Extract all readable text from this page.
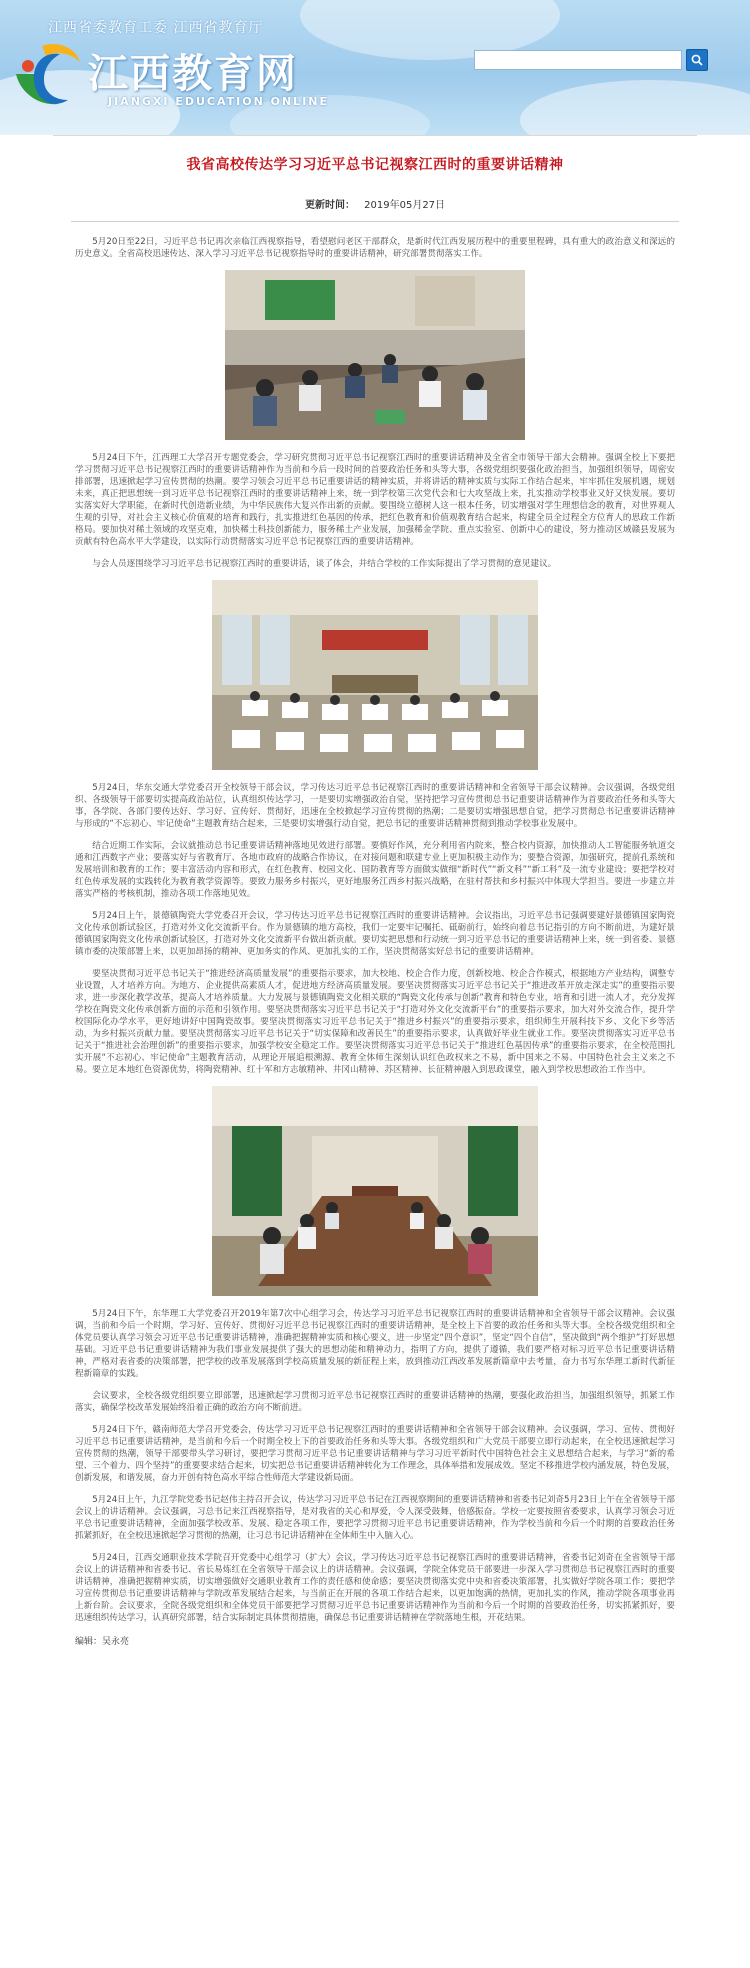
江西省委教育工委 江西省教育厅
江西教育网
JIANGXI EDUCATION ONLINE
我省高校传达学习习近平总书记视察江西时的重要讲话精神
更新时间： 2019年05月27日

5月20日至22日，习近平总书记再次亲临江西视察指导，看望慰问老区干部群众，是新时代江西发展历程中的重要里程碑，具有重大的政治意义和深远的历史意义。全省高校迅速传达、深入学习习近平总书记视察指导时的重要讲话精神，研究部署贯彻落实工作。

5月24日下午，江西理工大学召开专题党委会，学习研究贯彻习近平总书记视察江西时的重要讲话精神及全省全市领导干部大会精神。强调全校上下要把学习贯彻习近平总书记视察江西时的重要讲话精神作为当前和今后一段时间的首要政治任务和头等大事，各级党组织要强化政治担当，加强组织领导，周密安排部署，迅速掀起学习宣传贯彻的热潮。要学习领会习近平总书记重要讲话的精神实质，并将讲话的精神实质与实际工作结合起来，牢牢抓住发展机遇，规划未来，真正把思想统一到习近平总书记视察江西时的重要讲话精神上来，统一到学校第三次党代会和七大攻坚战上来，扎实推动学校事业又好又快发展。要切实落实好大学职能，在新时代创造新业绩，为中华民族伟大复兴作出新的贡献。要围绕立德树人这一根本任务，切实增强对学生理想信念的教育，对世界观人生观的引导，对社会主义核心价值观的培育和践行，扎实推进红色基因的传承，把红色教育和价值观教育结合起来，构建全员全过程全方位育人的思政工作新格局。要加快对稀土领域的攻坚克难，加快稀土科技创新能力，服务稀土产业发展，加强稀金学院、重点实验室、创新中心的建设，努力推动区域赣县发展为贡献有特色高水平大学建设，以实际行动贯彻落实习近平总书记视察江西的重要讲话精神。

与会人员逐围绕学习习近平总书记视察江西时的重要讲话，谈了体会，并结合学校的工作实际提出了学习贯彻的意见建议。

5月24日，华东交通大学党委召开全校领导干部会议，学习传达习近平总书记视察江西时的重要讲话精神和全省领导干部会议精神。会议强调，各级党组织、各级领导干部要切实提高政治站位，认真组织传达学习，一是要切实增强政治自觉，坚持把学习宣传贯彻总书记重要讲话精神作为首要政治任务和头等大事，各学院、各部门要传达好、学习好、宣传好、贯彻好，迅速在全校掀起学习宣传贯彻的热潮；二是要切实增强思想自觉，把学习贯彻总书记重要讲话精神与形成的“不忘初心、牢记使命”主题教育结合起来，三是要切实增强行动自觉，把总书记的重要讲话精神贯彻到推动学校事业发展中。

结合近期工作实际，会议就推动总书记重要讲话精神落地见效进行部署。要慎好作风，充分利用省内院来，整合校内资源，加快推动人工智能服务轨道交通和江西数字产业；要落实好与省教育厅、各地市政府的战略合作协议，在对接问题和联建专业上更加积极主动作为；要整合资源，加强研究，提前孔系统和发展培训和教育的工作；要丰富活动内容和形式，在红色教育、校园文化、国防教育等方面做实做细“新时代”“新文科”“新工科”及一流专业建设；要把学校对红色传承发展的实践转化为教育教学资源等。要致力服务乡村振兴，更好地服务江西乡村振兴战略，在驻村帮扶和乡村振兴中体现大学担当。要进一步建立并落实严格的考核机制，推动各项工作落地见效。

5月24日上午，景德镇陶瓷大学党委召开会议，学习传达习近平总书记视察江西时的重要讲话精神。会议指出，习近平总书记强调要建好景德镇国家陶瓷文化传承创新试验区，打造对外文化交流新平台。作为景德镇的地方高校，我们一定要牢记嘱托、砥砺前行，始终向着总书记指引的方向不断前进，为建好景德镇国家陶瓷文化传承创新试验区，打造对外文化交流新平台做出新贡献。要切实把思想和行动统一到习近平总书记的重要讲话精神上来，统一到省委、景德镇市委的决策部署上来，以更加昂扬的精神、更加务实的作风、更加扎实的工作，坚决贯彻落实好总书记的重要讲话精神。

要坚决贯彻习近平总书记关于“推进经济高质量发展”的重要指示要求，加大校地、校企合作力度，创新校地、校企合作模式，根据地方产业结构，调整专业设置，人才培养方向。为地方、企业提供高素质人才，促进地方经济高质量发展。要坚决贯彻落实习近平总书记关于“推进改革开放走深走实”的重要指示要求，进一步深化教学改革，提高人才培养质量。大力发展与景德镇陶瓷文化相关联的“陶瓷文化传承与创新”教育和特色专业，培育和引进一流人才，充分发挥学校在陶瓷文化传承创新方面的示范和引领作用。要坚决贯彻落实习近平总书记关于“打造对外文化交流新平台”的重要指示要求，加大对外交流合作，提升学校国际化办学水平，更好地讲好中国陶瓷故事。要坚决贯彻落实习近平总书记关于“推进乡村振兴”的重要指示要求，组织师生开展科技下乡、文化下乡等活动，为乡村振兴贡献力量。要坚决贯彻落实习近平总书记关于“切实保障和改善民生”的重要指示要求，认真做好毕业生就业工作。要坚决贯彻落实习近平总书记关于“推进社会治理创新”的重要指示要求，加强学校安全稳定工作。要坚决贯彻落实习近平总书记关于“推进红色基因传承”的重要指示要求，在全校范围扎实开展“不忘初心、牢记使命”主题教育活动，从理论开展追根溯源、教育全体师生深刻认识红色政权来之不易，新中国来之不易、中国特色社会主义来之不易。要立足本地红色资源优势，将陶瓷精神、红十军和方志敏精神、井冈山精神、苏区精神、长征精神融入到思政课堂，融入到学校思想政治工作当中。

5月24日下午，东华理工大学党委召开2019年第7次中心组学习会，传达学习习近平总书记视察江西时的重要讲话精神和全省领导干部会议精神。会议强调，当前和今后一个时期，学习好、宣传好、贯彻好习近平总书记视察江西时的重要讲话精神，是全校上下首要的政治任务和头等大事。全校各级党组织和全体党员要认真学习领会习近平总书记重要讲话精神，准确把握精神实质和核心要义，进一步坚定“四个意识”，坚定“四个自信”，坚决做到“两个维护”打好思想基础。习近平总书记重要讲话精神为我们事业发展提供了强大的思想动能和精神动力，指明了方向，提供了遵循，我们要严格对标习近平总书记重要讲话精神，严格对表省委的决策部署，把学校的改革发展落到学校高质量发展的新征程上来，放到推动江西改革发展新篇章中去考量，奋力书写东华理工新时代新征程新篇章的实践。

会议要求，全校各级党组织要立即部署，迅速掀起学习贯彻习近平总书记视察江西时的重要讲话精神的热潮，要强化政治担当，加强组织领导，抓紧工作落实，确保学校改革发展始终沿着正确的政治方向不断前进。

5月24日下午，赣南师范大学召开党委会，传达学习习近平总书记视察江西时的重要讲话精神和全省领导干部会议精神。会议强调，学习、宣传、贯彻好习近平总书记重要讲话精神，是当前和今后一个时期全校上下的首要政治任务和头等大事。各级党组织和广大党员干部要立即行动起来，在全校迅速掀起学习宣传贯彻的热潮，领导干部要带头学习研讨，要把学习贯彻习近平总书记重要讲话精神与学习习近平新时代中国特色社会主义思想结合起来，与学习“新的希望、三个着力、四个坚持”的重要要求结合起来，切实把总书记重要讲话精神转化为工作理念，具体举措和发展成效。坚定不移推进学校内涵发展，特色发展，创新发展，和谐发展，奋力开创有特色高水平综合性师范大学建设新局面。

5月24日上午，九江学院党委书记赵伟主持召开会议，传达学习习近平总书记在江西视察期间的重要讲话精神和省委书记刘奇5月23日上午在全省领导干部会议上的讲话精神。会议强调，习总书记来江西视察指导，是对我省的关心和厚爱，令人深受鼓舞，倍感振奋。学校一定要按照省委要求，认真学习领会习近平总书记重要讲话精神，全面加强学校改革、发展、稳定各项工作，要把学习贯彻习近平总书记重要讲话精神，作为学校当前和今后一个时期的首要政治任务抓紧抓好，在全校迅速掀起学习贯彻的热潮，让习总书记讲话精神在全体师生中入脑入心。

5月24日，江西交通职业技术学院召开党委中心组学习（扩大）会议，学习传达习近平总书记视察江西时的重要讲话精神，省委书记刘奇在全省领导干部会议上的讲话精神和省委书记、省长易炼红在全省领导干部会议上的讲话精神。会议强调，学院全体党员干部要进一步深入学习贯彻总书记视察江西时的重要讲话精神，准确把握精神实质，切实增强做好交通职业教育工作的责任感和使命感；要坚决贯彻落实党中央和省委决策部署，扎实做好学院各项工作；要把学习宣传贯彻总书记重要讲话精神与学院改革发展结合起来，与当前正在开展的各项工作结合起来，以更加饱满的热情，更加扎实的作风，推动学院各项事业再上新台阶。会议要求，全院各级党组织和全体党员干部要把学习贯彻习近平总书记重要讲话精神作为当前和今后一个时期的首要政治任务，切实抓紧抓好，要迅速组织传达学习，认真研究部署，结合实际制定具体贯彻措施，确保总书记重要讲话精神在学院落地生根，开花结果。

编辑：吴永亮
